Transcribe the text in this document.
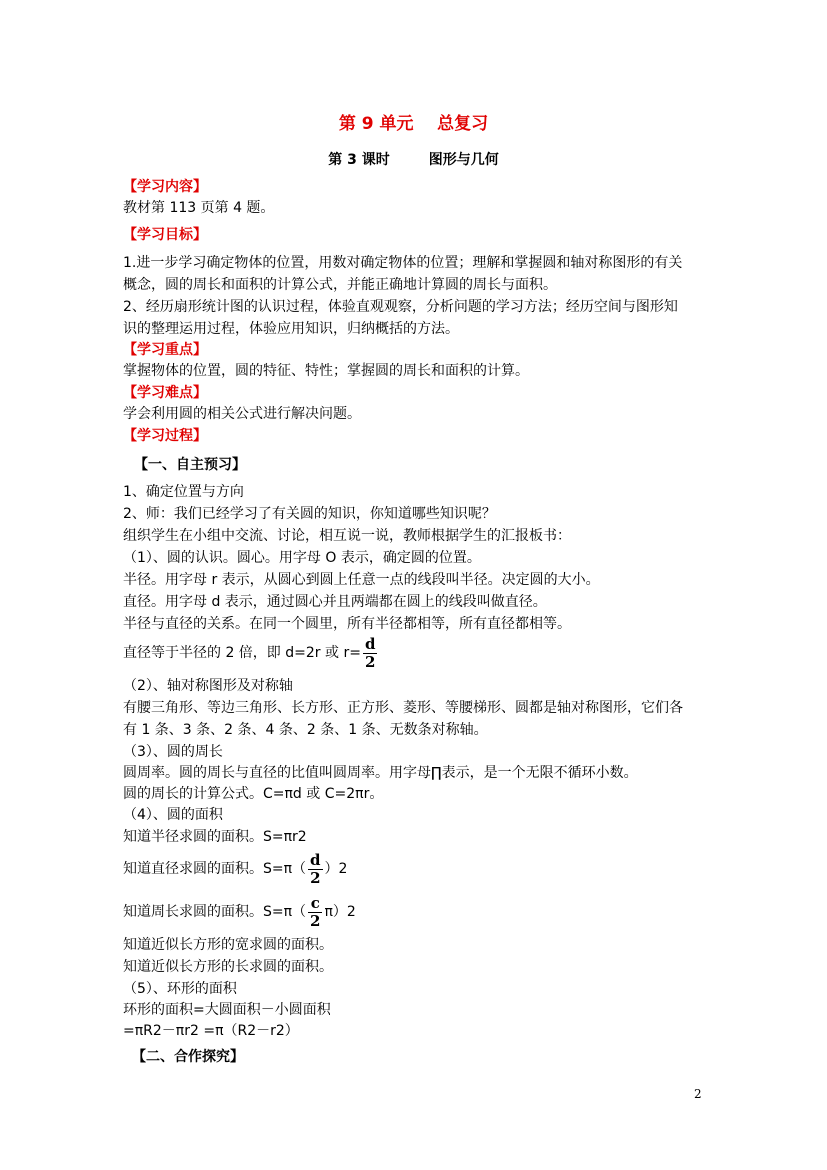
第 9 单元    总复习
第 3 课时        图形与几何
【学习内容】
教材第 113 页第 4 题。
【学习目标】
1.进一步学习确定物体的位置，用数对确定物体的位置；理解和掌握圆和轴对称图形的有关
概念，圆的周长和面积的计算公式，并能正确地计算圆的周长与面积。
2、经历扇形统计图的认识过程，体验直观观察，分析问题的学习方法；经历空间与图形知
识的整理运用过程，体验应用知识，归纳概括的方法。
【学习重点】
掌握物体的位置，圆的特征、特性；掌握圆的周长和面积的计算。
【学习难点】
学会利用圆的相关公式进行解决问题。
【学习过程】
【一、自主预习】
1、确定位置与方向
2、师：我们已经学习了有关圆的知识，你知道哪些知识呢？
组织学生在小组中交流、讨论，相互说一说，教师根据学生的汇报板书：
（1）、圆的认识。圆心。用字母 O 表示，确定圆的位置。
半径。用字母 r 表示，从圆心到圆上任意一点的线段叫半径。决定圆的大小。
直径。用字母 d 表示，通过圆心并且两端都在圆上的线段叫做直径。
半径与直径的关系。在同一个圆里，所有半径都相等，所有直径都相等。
直径等于半径的 2 倍，即 d=2r 或 $r= \frac{d}{2}$
（2）、轴对称图形及对称轴
有腰三角形、等边三角形、长方形、正方形、菱形、等腰梯形、圆都是轴对称图形，它们各
有 1 条、3 条、2 条、4 条、2 条、1 条、无数条对称轴。
（3）、圆的周长
圆周率。圆的周长与直径的比值叫圆周率。用字母∏表示，是一个无限不循环小数。
圆的周长的计算公式。C=πd 或 C=2πr。
（4）、圆的面积
知道半径求圆的面积。S=πr2
知道直径求圆的面积。$S=\pi( \frac{d}{2} )2$
知道周长求圆的面积。$S=\pi( \frac{c}{2} \pi)2$
知道近似长方形的宽求圆的面积。
知道近似长方形的长求圆的面积。
（5）、环形的面积
环形的面积=大圆面积－小圆面积
=πR2－πr2 =π（R2－r2）
【二、合作探究】
2
